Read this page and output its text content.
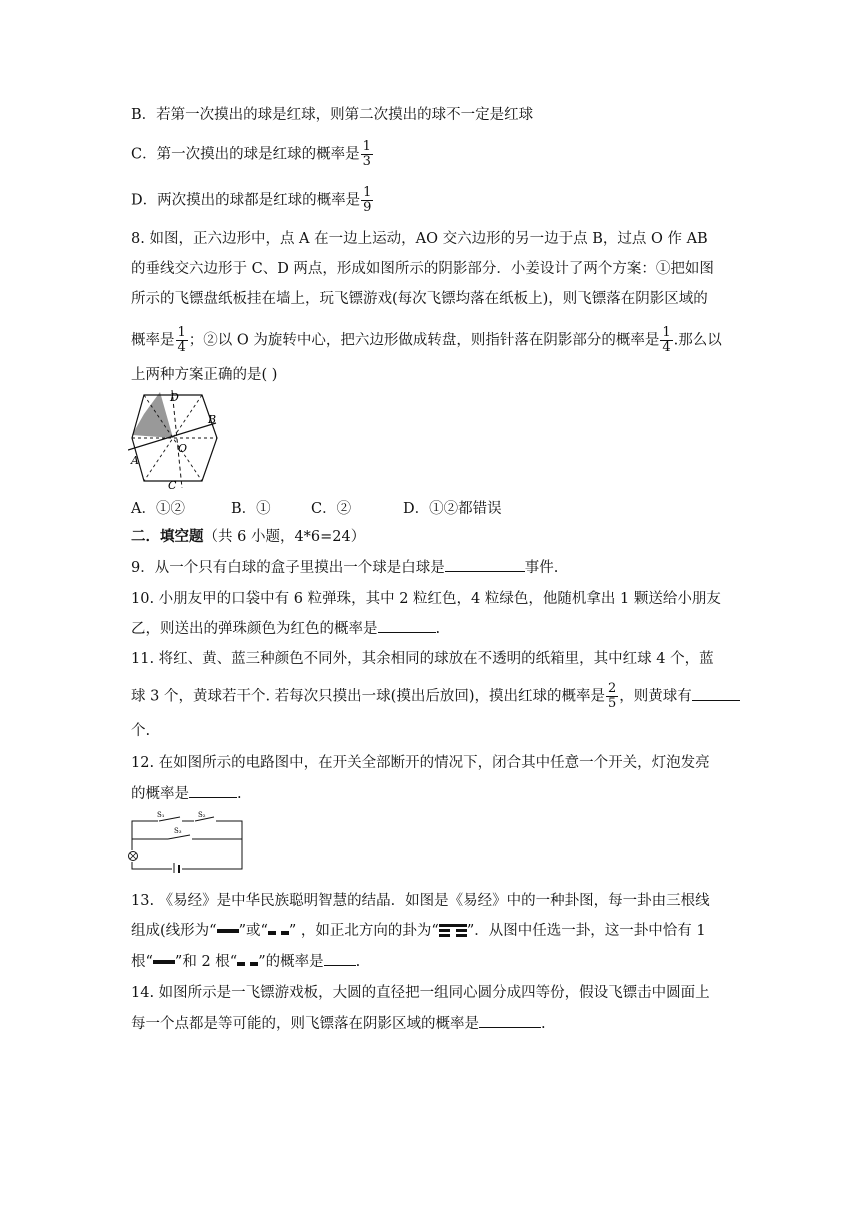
B．若第一次摸出的球是红球，则第二次摸出的球不一定是红球
C．第一次摸出的球是红球的概率是 $\frac{1}{3}$
D．两次摸出的球都是红球的概率是 $\frac{1}{9}$
8. 如图，正六边形中，点 A 在一边上运动，AO 交六边形的另一边于点 B，过点 O 作 AB
的垂线交六边形于 C、D 两点，形成如图所示的阴影部分．小姜设计了两个方案：①把如图
所示的飞镖盘纸板挂在墙上，玩飞镖游戏(每次飞镖均落在纸板上)，则飞镖落在阴影区域的
概率是 $\frac{1}{4}$ ；②以 O 为旋转中心，把六边形做成转盘，则指针落在阴影部分的概率是 $\frac{1}{4}$ .那么以
上两种方案正确的是( )
D
B
O
A
C
A．①②	B．①	C．②	D．①②都错误
二．填空题（共 6 小题，4*6=24）
9．从一个只有白球的盒子里摸出一个球是白球是	事件.
10. 小朋友甲的口袋中有 6 粒弹珠，其中 2 粒红色，4 粒绿色，他随机拿出 1 颗送给小朋友
乙，则送出的弹珠颜色为红色的概率是	.
11. 将红、黄、蓝三种颜色不同外，其余相同的球放在不透明的纸箱里，其中红球 4 个，蓝
球 3 个，黄球若干个. 若每次只摸出一球(摸出后放回)，摸出红球的概率是 $\frac{2}{5}$ ，则黄球有
个.
12. 在如图所示的电路图中，在开关全部断开的情况下，闭合其中任意一个开关，灯泡发亮
的概率是	.
S₁	S₂
S₃
13. 《易经》是中华民族聪明智慧的结晶．如图是《易经》中的一种卦图，每一卦由三根线
组成(线形为“ ”或“ ” ，如正北方向的卦为“ ”．从图中任选一卦，这一卦中恰有 1
根“ ”和 2 根“ ”的概率是 .
14. 如图所示是一飞镖游戏板，大圆的直径把一组同心圆分成四等份，假设飞镖击中圆面上
每一个点都是等可能的，则飞镖落在阴影区域的概率是	.
